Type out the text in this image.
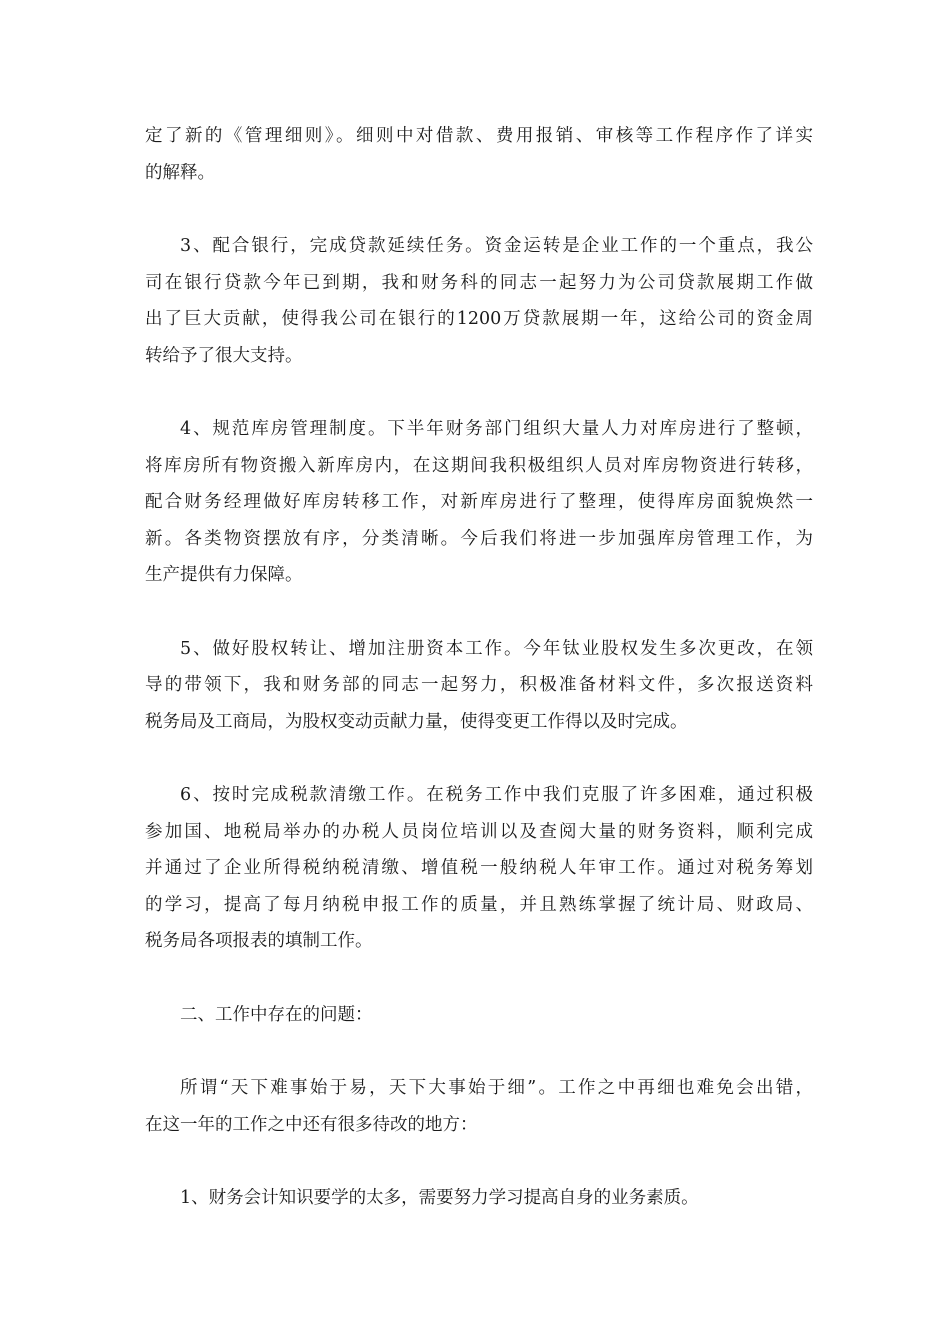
定了新的《管理细则》。细则中对借款、费用报销、审核等工作程序作了详实
的解释。
3、配合银行，完成贷款延续任务。资金运转是企业工作的一个重点，我公
司在银行贷款今年已到期，我和财务科的同志一起努力为公司贷款展期工作做
出了巨大贡献，使得我公司在银行的1200万贷款展期一年，这给公司的资金周
转给予了很大支持。
4、规范库房管理制度。下半年财务部门组织大量人力对库房进行了整顿，
将库房所有物资搬入新库房内，在这期间我积极组织人员对库房物资进行转移，
配合财务经理做好库房转移工作，对新库房进行了整理，使得库房面貌焕然一
新。各类物资摆放有序，分类清晰。今后我们将进一步加强库房管理工作，为
生产提供有力保障。
5、做好股权转让、增加注册资本工作。今年钛业股权发生多次更改，在领
导的带领下，我和财务部的同志一起努力，积极准备材料文件，多次报送资料
税务局及工商局，为股权变动贡献力量，使得变更工作得以及时完成。
6、按时完成税款清缴工作。在税务工作中我们克服了许多困难，通过积极
参加国、地税局举办的办税人员岗位培训以及查阅大量的财务资料，顺利完成
并通过了企业所得税纳税清缴、增值税一般纳税人年审工作。通过对税务筹划
的学习，提高了每月纳税申报工作的质量，并且熟练掌握了统计局、财政局、
税务局各项报表的填制工作。
二、工作中存在的问题：
所谓“天下难事始于易，天下大事始于细”。工作之中再细也难免会出错，
在这一年的工作之中还有很多待改的地方：
1、财务会计知识要学的太多，需要努力学习提高自身的业务素质。
